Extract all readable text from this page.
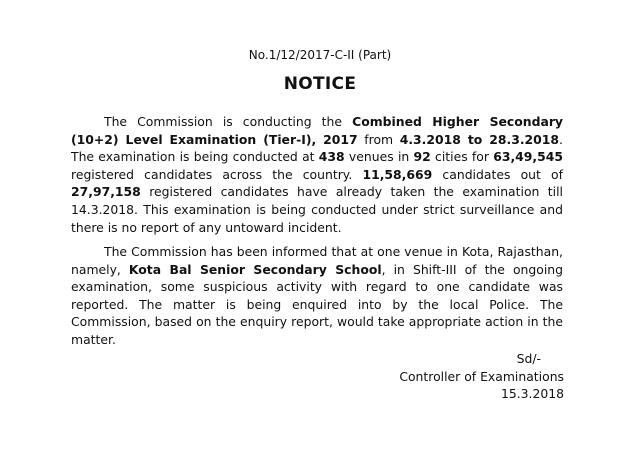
No.1/12/2017-C-II (Part)
NOTICE

The Commission is conducting the Combined Higher Secondary (10+2) Level Examination (Tier-I), 2017 from 4.3.2018 to 28.3.2018. The examination is being conducted at 438 venues in 92 cities for 63,49,545 registered candidates across the country. 11,58,669 candidates out of 27,97,158 registered candidates have already taken the examination till 14.3.2018. This examination is being conducted under strict surveillance and there is no report of any untoward incident.

The Commission has been informed that at one venue in Kota, Rajasthan, namely, Kota Bal Senior Secondary School, in Shift-III of the ongoing examination, some suspicious activity with regard to one candidate was reported. The matter is being enquired into by the local Police. The Commission, based on the enquiry report, would take appropriate action in the matter.

Sd/-
Controller of Examinations
15.3.2018
